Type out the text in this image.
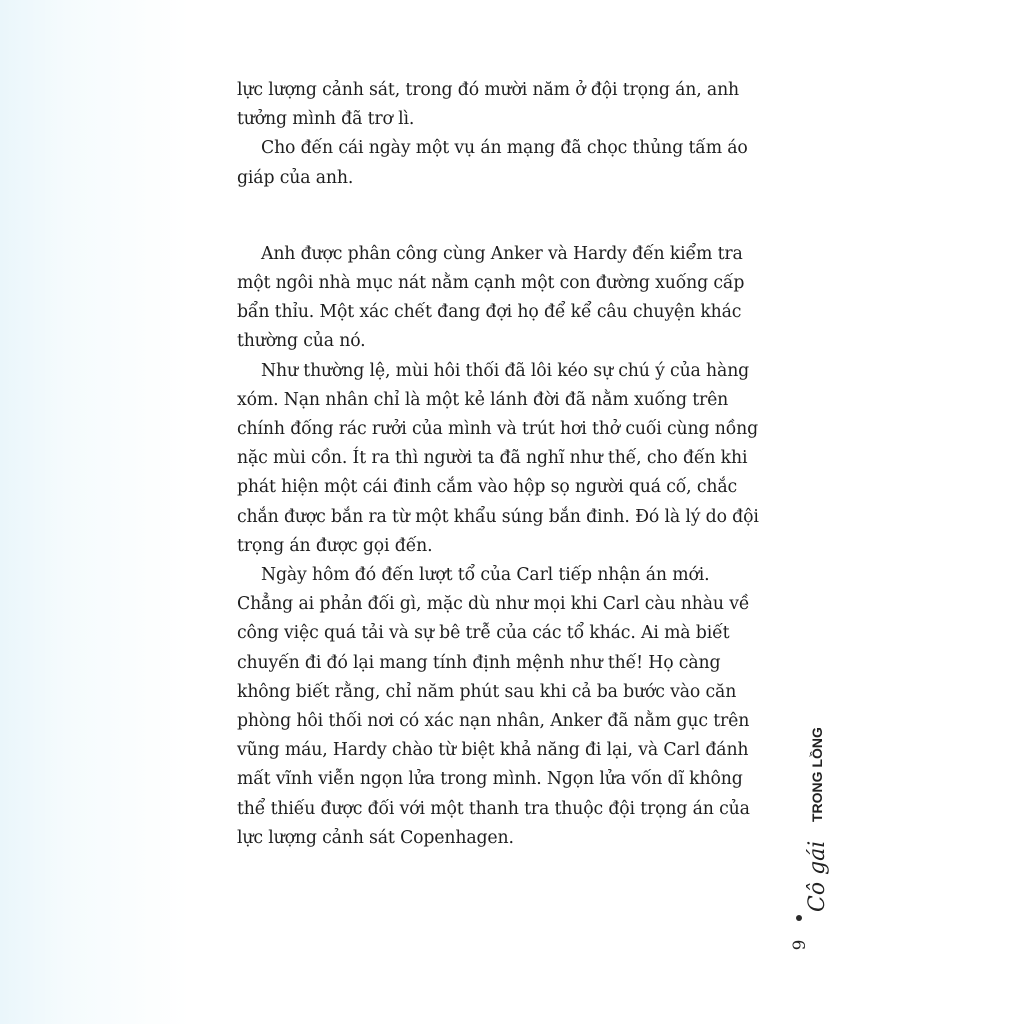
lực lượng cảnh sát, trong đó mười năm ở đội trọng án, anh tưởng mình đã trơ lì.

Cho đến cái ngày một vụ án mạng đã chọc thủng tấm áo giáp của anh.

Anh được phân công cùng Anker và Hardy đến kiểm tra một ngôi nhà mục nát nằm cạnh một con đường xuống cấp bẩn thỉu. Một xác chết đang đợi họ để kể câu chuyện khác thường của nó.

Như thường lệ, mùi hôi thối đã lôi kéo sự chú ý của hàng xóm. Nạn nhân chỉ là một kẻ lánh đời đã nằm xuống trên chính đống rác rưởi của mình và trút hơi thở cuối cùng nồng nặc mùi cồn. Ít ra thì người ta đã nghĩ như thế, cho đến khi phát hiện một cái đinh cắm vào hộp sọ người quá cố, chắc chắn được bắn ra từ một khẩu súng bắn đinh. Đó là lý do đội trọng án được gọi đến.

Ngày hôm đó đến lượt tổ của Carl tiếp nhận án mới. Chẳng ai phản đối gì, mặc dù như mọi khi Carl càu nhàu về công việc quá tải và sự bê trễ của các tổ khác. Ai mà biết chuyến đi đó lại mang tính định mệnh như thế! Họ càng không biết rằng, chỉ năm phút sau khi cả ba bước vào căn phòng hôi thối nơi có xác nạn nhân, Anker đã nằm gục trên vũng máu, Hardy chào từ biệt khả năng đi lại, và Carl đánh mất vĩnh viễn ngọn lửa trong mình. Ngọn lửa vốn dĩ không thể thiếu được đối với một thanh tra thuộc đội trọng án của lực lượng cảnh sát Copenhagen.

Cô gái
TRONG LỒNG
9
